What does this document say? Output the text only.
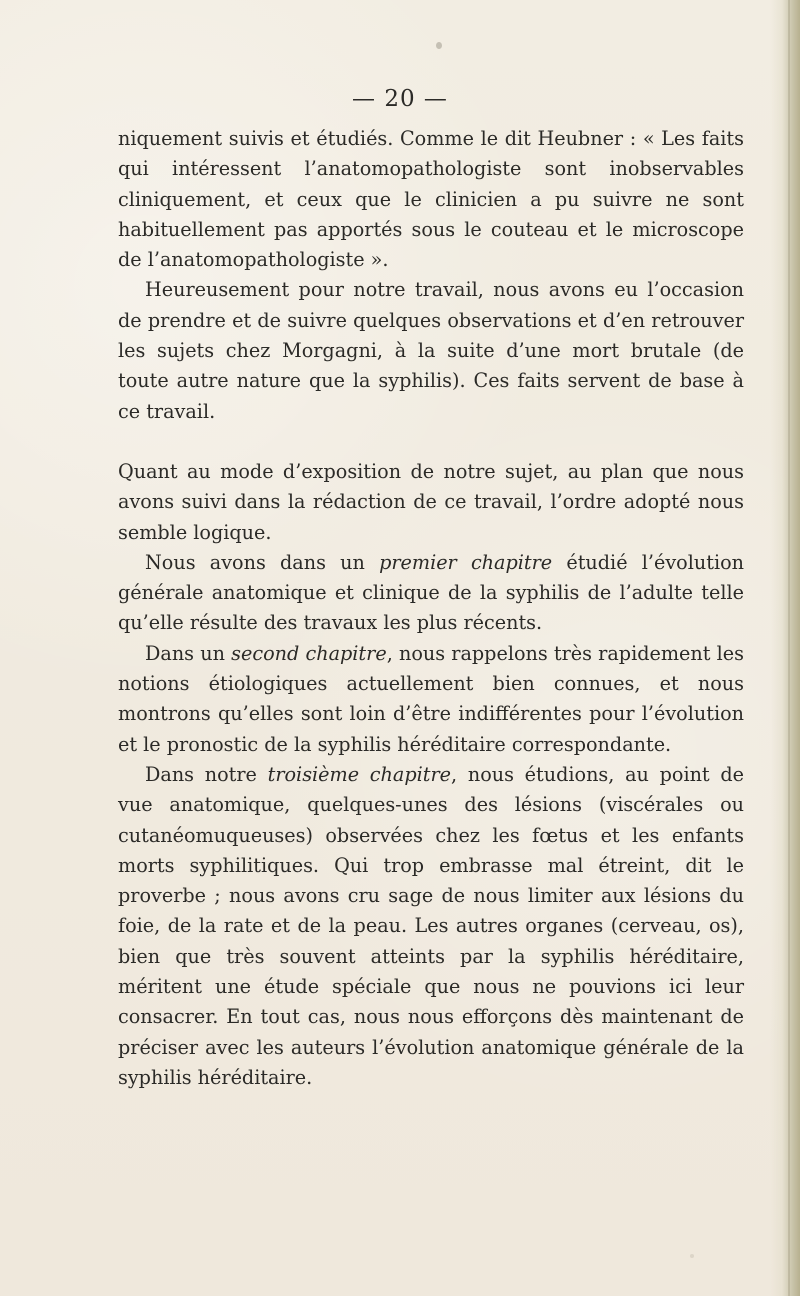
— 20 —

niquement suivis et étudiés. Comme le dit Heubner : « Les faits qui intéressent l’anatomopathologiste sont inobservables cliniquement, et ceux que le clinicien a pu suivre ne sont habituellement pas apportés sous le couteau et le microscope de l’anatomopathologiste ».

Heureusement pour notre travail, nous avons eu l’occasion de prendre et de suivre quelques observations et d’en retrouver les sujets chez Morgagni, à la suite d’une mort brutale (de toute autre nature que la syphilis). Ces faits servent de base à ce travail.

Quant au mode d’exposition de notre sujet, au plan que nous avons suivi dans la rédaction de ce travail, l’ordre adopté nous semble logique.

Nous avons dans un premier chapitre étudié l’évolution générale anatomique et clinique de la syphilis de l’adulte telle qu’elle résulte des travaux les plus récents.

Dans un second chapitre, nous rappelons très rapidement les notions étiologiques actuellement bien connues, et nous montrons qu’elles sont loin d’être indifférentes pour l’évolution et le pronostic de la syphilis héréditaire correspondante.

Dans notre troisième chapitre, nous étudions, au point de vue anatomique, quelques-unes des lésions (viscérales ou cutanéomuqueuses) observées chez les fœtus et les enfants morts syphilitiques. Qui trop embrasse mal étreint, dit le proverbe ; nous avons cru sage de nous limiter aux lésions du foie, de la rate et de la peau. Les autres organes (cerveau, os), bien que très souvent atteints par la syphilis héréditaire, méritent une étude spéciale que nous ne pouvions ici leur consacrer. En tout cas, nous nous efforçons dès maintenant de préciser avec les auteurs l’évolution anatomique générale de la syphilis héréditaire.
